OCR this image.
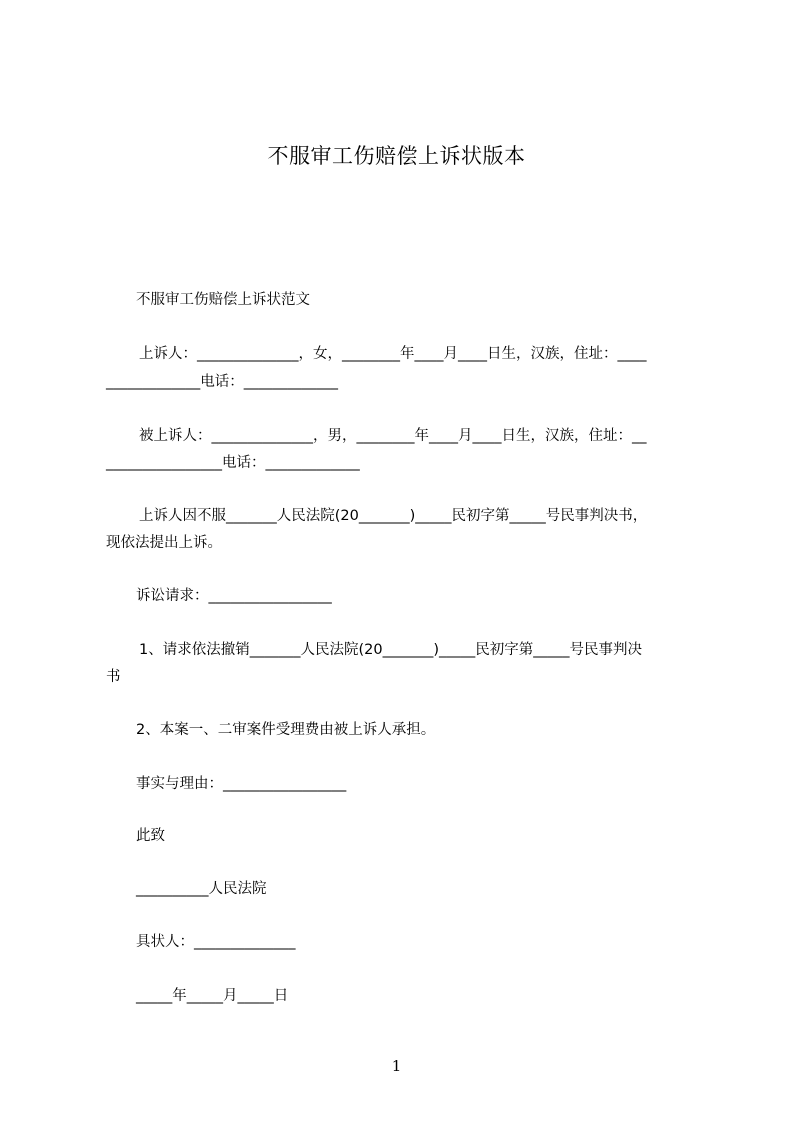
不服审工伤赔偿上诉状版本
不服审工伤赔偿上诉状范文
上诉人：______________，女，________年____月____日生，汉族，住址：____
_____________电话：_____________
被上诉人：______________，男，________年____月____日生，汉族，住址：__
________________电话：_____________
上诉人因不服_______人民法院(20_______)_____民初字第_____号民事判决书，
现依法提出上诉。
诉讼请求：_________________
1、请求依法撤销_______人民法院(20_______)_____民初字第_____号民事判决
书
2、本案一、二审案件受理费由被上诉人承担。
事实与理由：_________________
此致
__________人民法院
具状人：______________
_____年_____月_____日
1
